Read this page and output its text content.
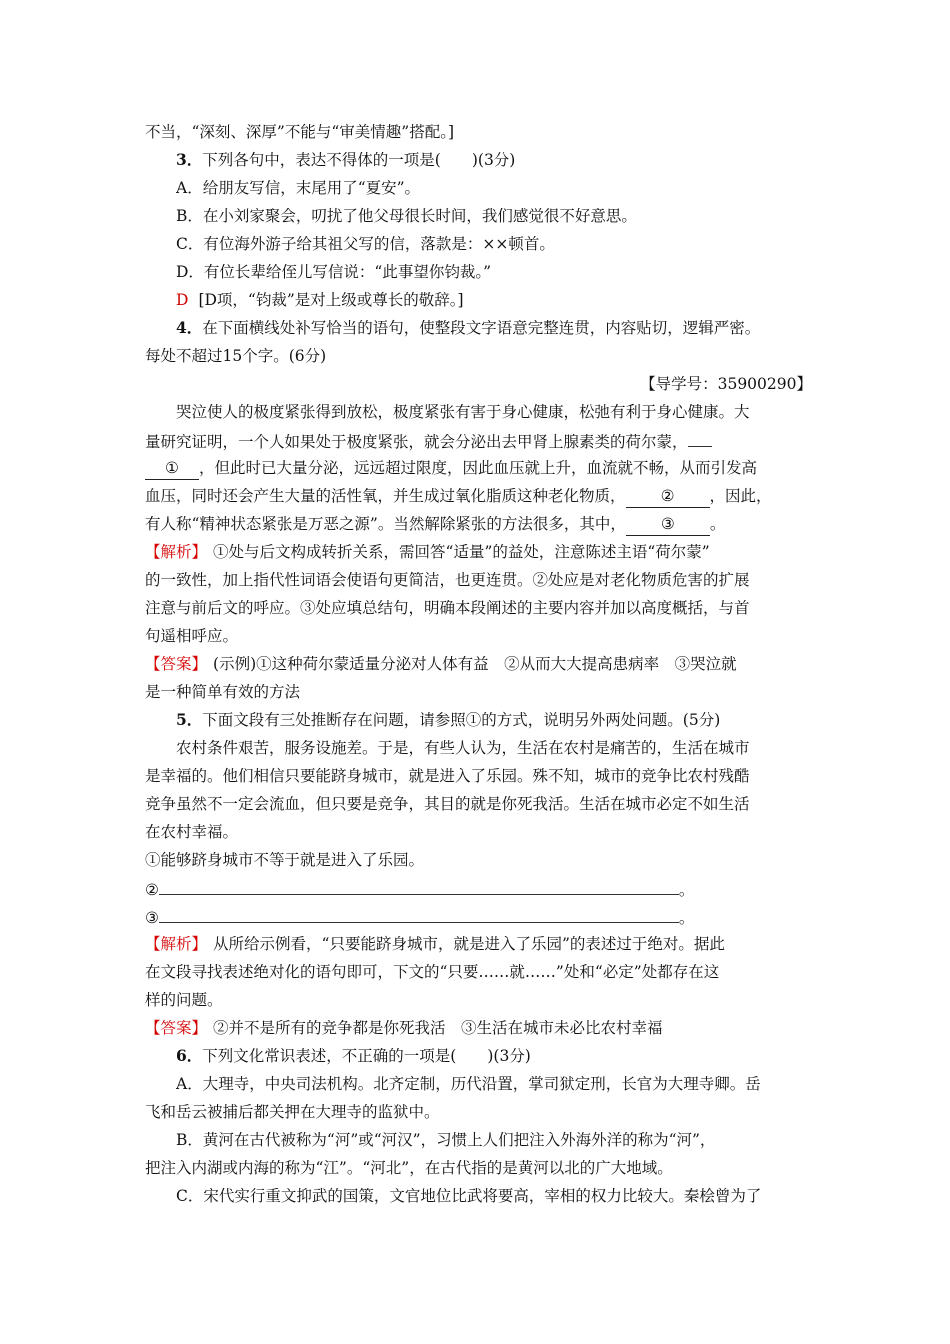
不当，“深刻、深厚”不能与“审美情趣”搭配。]
3．下列各句中，表达不得体的一项是(　　)(3分)
A．给朋友写信，末尾用了“夏安”。
B．在小刘家聚会，叨扰了他父母很长时间，我们感觉很不好意思。
C．有位海外游子给其祖父写的信，落款是：××顿首。
D．有位长辈给侄儿写信说：“此事望你钧裁。”
D [D项，“钧裁”是对上级或尊长的敬辞。]
4．在下面横线处补写恰当的语句，使整段文字语意完整连贯，内容贴切，逻辑严密。
每处不超过15个字。(6分)
【导学号：35900290】
哭泣使人的极度紧张得到放松，极度紧张有害于身心健康，松弛有利于身心健康。大
量研究证明，一个人如果处于极度紧张，就会分泌出去甲肾上腺素类的荷尔蒙，
① ，但此时已大量分泌，远远超过限度，因此血压就上升，血流就不畅，从而引发高
血压，同时还会产生大量的活性氧，并生成过氧化脂质这种老化物质， ② ，因此，
有人称“精神状态紧张是万恶之源”。当然解除紧张的方法很多，其中， ③ 。
【解析】 ①处与后文构成转折关系，需回答“适量”的益处，注意陈述主语“荷尔蒙”
的一致性，加上指代性词语会使语句更简洁，也更连贯。②处应是对老化物质危害的扩展
注意与前后文的呼应。③处应填总结句，明确本段阐述的主要内容并加以高度概括，与首
句遥相呼应。
【答案】 (示例)①这种荷尔蒙适量分泌对人体有益　②从而大大提高患病率　③哭泣就
是一种简单有效的方法
5．下面文段有三处推断存在问题，请参照①的方式，说明另外两处问题。(5分)
农村条件艰苦，服务设施差。于是，有些人认为，生活在农村是痛苦的，生活在城市
是幸福的。他们相信只要能跻身城市，就是进入了乐园。殊不知，城市的竞争比农村残酷
竞争虽然不一定会流血，但只要是竞争，其目的就是你死我活。生活在城市必定不如生活
在农村幸福。
①能够跻身城市不等于就是进入了乐园。
②	。
③	。
【解析】 从所给示例看，“只要能跻身城市，就是进入了乐园”的表述过于绝对。据此
在文段寻找表述绝对化的语句即可，下文的“只要……就……”处和“必定”处都存在这
样的问题。
【答案】 ②并不是所有的竞争都是你死我活　③生活在城市未必比农村幸福
6．下列文化常识表述，不正确的一项是(　　)(3分)
A．大理寺，中央司法机构。北齐定制，历代沿置，掌司狱定刑，长官为大理寺卿。岳
飞和岳云被捕后都关押在大理寺的监狱中。
B．黄河在古代被称为“河”或“河汉”，习惯上人们把注入外海外洋的称为“河”，
把注入内湖或内海的称为“江”。“河北”，在古代指的是黄河以北的广大地域。
C．宋代实行重文抑武的国策，文官地位比武将要高，宰相的权力比较大。秦桧曾为了
